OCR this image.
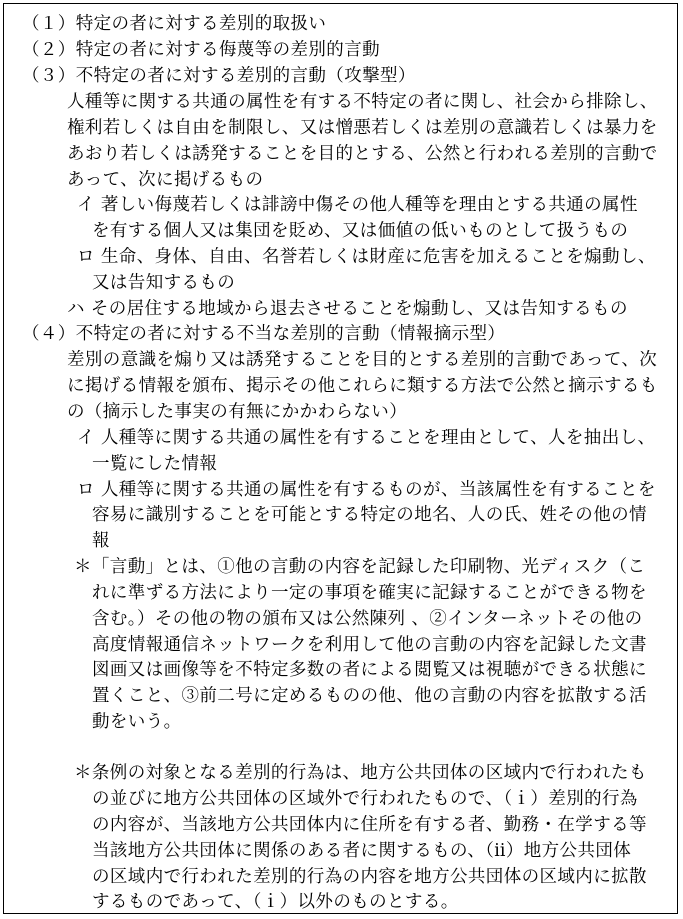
（１）特定の者に対する差別的取扱い
（２）特定の者に対する侮蔑等の差別的言動
（３）不特定の者に対する差別的言動（攻撃型）
人種等に関する共通の属性を有する不特定の者に関し、社会から排除し、
権利若しくは自由を制限し、又は憎悪若しくは差別の意識若しくは暴力を
あおり若しくは誘発することを目的とする、公然と行われる差別的言動で
あって、次に掲げるもの
イ 著しい侮蔑若しくは誹謗中傷その他人種等を理由とする共通の属性
を有する個人又は集団を貶め、又は価値の低いものとして扱うもの
ロ 生命、身体、自由、名誉若しくは財産に危害を加えることを煽動し、
又は告知するもの
ハ その居住する地域から退去させることを煽動し、又は告知するもの
（４）不特定の者に対する不当な差別的言動（情報摘示型）
差別の意識を煽り又は誘発することを目的とする差別的言動であって、次
に掲げる情報を頒布、掲示その他これらに類する方法で公然と摘示するも
の（摘示した事実の有無にかかわらない）
イ 人種等に関する共通の属性を有することを理由として、人を抽出し、
一覧にした情報
ロ 人種等に関する共通の属性を有するものが、当該属性を有することを
容易に識別することを可能とする特定の地名、人の氏、姓その他の情
報
＊「言動」とは、①他の言動の内容を記録した印刷物、光ディスク（こ
れに準ずる方法により一定の事項を確実に記録することができる物を
含む。）その他の物の頒布又は公然陳列 、②インターネットその他の
高度情報通信ネットワークを利用して他の言動の内容を記録した文書
図画又は画像等を不特定多数の者による閲覧又は視聴ができる状態に
置くこと、③前二号に定めるものの他、他の言動の内容を拡散する活
動をいう。
＊条例の対象となる差別的行為は、地方公共団体の区域内で行われたも
の並びに地方公共団体の区域外で行われたもので、（ｉ）差別的行為
の内容が、当該地方公共団体内に住所を有する者、勤務・在学する等
当該地方公共団体に関係のある者に関するもの、（ⅱ）地方公共団体
の区域内で行われた差別的行為の内容を地方公共団体の区域内に拡散
するものであって、（ｉ）以外のものとする。
